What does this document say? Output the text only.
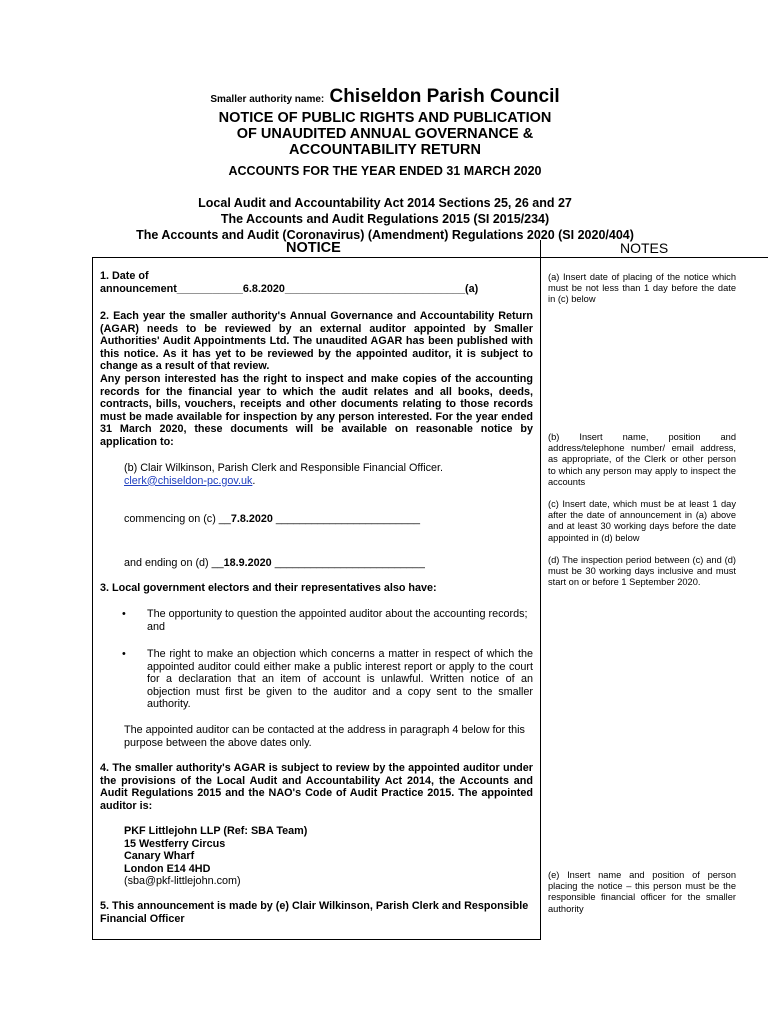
Smaller authority name: Chiseldon Parish Council
NOTICE OF PUBLIC RIGHTS AND PUBLICATION
OF UNAUDITED ANNUAL GOVERNANCE &
ACCOUNTABILITY RETURN
ACCOUNTS FOR THE YEAR ENDED 31 MARCH 2020
Local Audit and Accountability Act 2014 Sections 25, 26 and 27
The Accounts and Audit Regulations 2015 (SI 2015/234)
The Accounts and Audit (Coronavirus) (Amendment) Regulations 2020 (SI 2020/404)
NOTICE	NOTES
1. Date of
announcement___________6.8.2020______________________________(a)
2. Each year the smaller authority's Annual Governance and Accountability Return (AGAR) needs to be reviewed by an external auditor appointed by Smaller Authorities' Audit Appointments Ltd. The unaudited AGAR has been published with this notice. As it has yet to be reviewed by the appointed auditor, it is subject to change as a result of that review.
Any person interested has the right to inspect and make copies of the accounting records for the financial year to which the audit relates and all books, deeds, contracts, bills, vouchers, receipts and other documents relating to those records must be made available for inspection by any person interested. For the year ended 31 March 2020, these documents will be available on reasonable notice by application to:
(b) Clair Wilkinson, Parish Clerk and Responsible Financial Officer.
clerk@chiseldon-pc.gov.uk.
commencing on (c) __7.8.2020 ________________________
and ending on (d) __18.9.2020 _________________________
3. Local government electors and their representatives also have:
• The opportunity to question the appointed auditor about the accounting records; and
• The right to make an objection which concerns a matter in respect of which the appointed auditor could either make a public interest report or apply to the court for a declaration that an item of account is unlawful. Written notice of an objection must first be given to the auditor and a copy sent to the smaller authority.
The appointed auditor can be contacted at the address in paragraph 4 below for this purpose between the above dates only.
4. The smaller authority's AGAR is subject to review by the appointed auditor under the provisions of the Local Audit and Accountability Act 2014, the Accounts and Audit Regulations 2015 and the NAO's Code of Audit Practice 2015. The appointed auditor is:
PKF Littlejohn LLP (Ref: SBA Team)
15 Westferry Circus
Canary Wharf
London E14 4HD
(sba@pkf-littlejohn.com)
5. This announcement is made by (e) Clair Wilkinson, Parish Clerk and Responsible Financial Officer
(a) Insert date of placing of the notice which must be not less than 1 day before the date in (c) below
(b) Insert name, position and address/telephone number/ email address, as appropriate, of the Clerk or other person to which any person may apply to inspect the accounts
(c) Insert date, which must be at least 1 day after the date of announcement in (a) above and at least 30 working days before the date appointed in (d) below
(d) The inspection period between (c) and (d) must be 30 working days inclusive and must start on or before 1 September 2020.
(e) Insert name and position of person placing the notice – this person must be the responsible financial officer for the smaller authority
